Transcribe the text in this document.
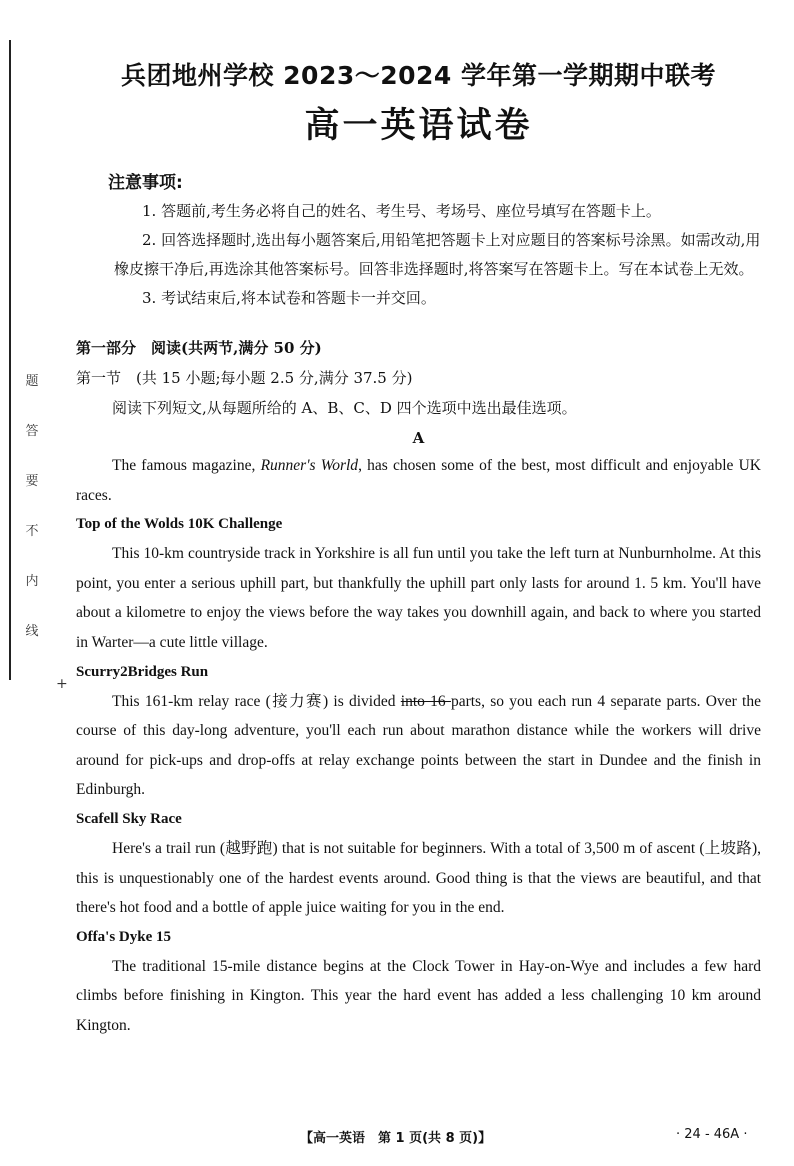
题
答
要
不
内
线
+
兵团地州学校 2023～2024 学年第一学期期中联考
高一英语试卷
注意事项:

1. 答题前,考生务必将自己的姓名、考生号、考场号、座位号填写在答题卡上。

2. 回答选择题时,选出每小题答案后,用铅笔把答题卡上对应题目的答案标号涂黑。如需改动,用橡皮擦干净后,再选涂其他答案标号。回答非选择题时,将答案写在答题卡上。写在本试卷上无效。

3. 考试结束后,将本试卷和答题卡一并交回。

第一部分　阅读(共两节,满分 50 分)
第一节　(共 15 小题;每小题 2.5 分,满分 37.5 分)
阅读下列短文,从每题所给的 A、B、C、D 四个选项中选出最佳选项。
A

The famous magazine, Runner's World, has chosen some of the best, most difficult and enjoyable UK races.

Top of the Wolds 10K Challenge

This 10-km countryside track in Yorkshire is all fun until you take the left turn at Nunburnholme. At this point, you enter a serious uphill part, but thankfully the uphill part only lasts for around 1. 5 km. You'll have about a kilometre to enjoy the views before the way takes you downhill again, and back to where you started in Warter—a cute little village.

Scurry2Bridges Run

This 161-km relay race (接力赛) is divided into 16 parts, so you each run 4 separate parts. Over the course of this day-long adventure, you'll each run about marathon distance while the workers will drive around for pick-ups and drop-offs at relay exchange points between the start in Dundee and the finish in Edinburgh.

Scafell Sky Race

Here's a trail run (越野跑) that is not suitable for beginners. With a total of 3,500 m of ascent (上坡路), this is unquestionably one of the hardest events around. Good thing is that the views are beautiful, and that there's hot food and a bottle of apple juice waiting for you in the end.

Offa's Dyke 15

The traditional 15-mile distance begins at the Clock Tower in Hay-on-Wye and includes a few hard climbs before finishing in Kington. This year the hard event has added a less challenging 10 km around Kington.

【高一英语　第 1 页(共 8 页)】	· 24 - 46A ·
